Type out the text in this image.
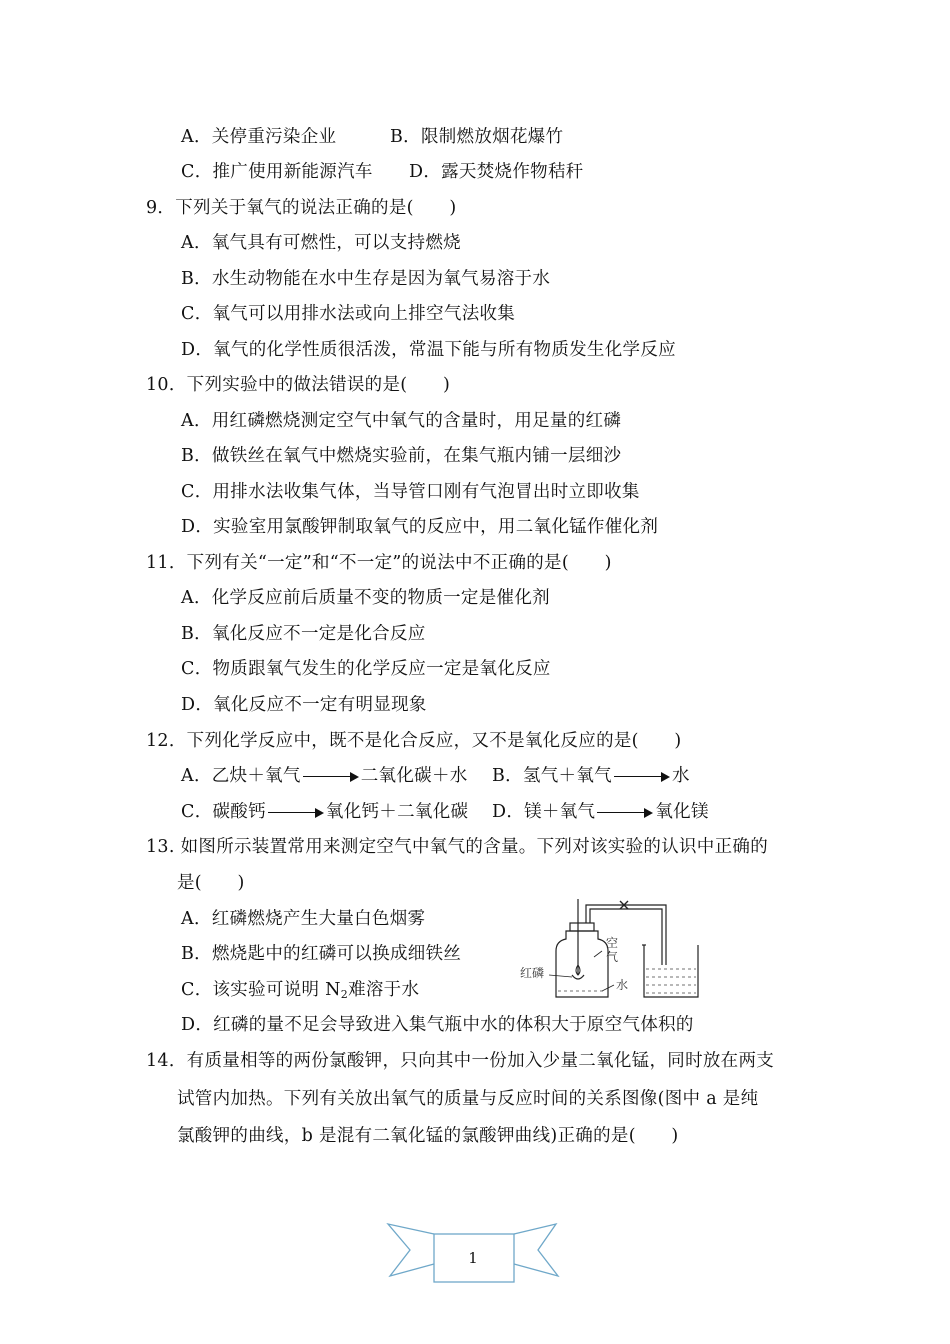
A．关停重污染企业	B．限制燃放烟花爆竹
C．推广使用新能源汽车 D．露天焚烧作物秸秆
9．下列关于氧气的说法正确的是(　　)
A．氧气具有可燃性，可以支持燃烧
B．水生动物能在水中生存是因为氧气易溶于水
C．氧气可以用排水法或向上排空气法收集
D．氧气的化学性质很活泼，常温下能与所有物质发生化学反应
10．下列实验中的做法错误的是(　　)
A．用红磷燃烧测定空气中氧气的含量时，用足量的红磷
B．做铁丝在氧气中燃烧实验前，在集气瓶内铺一层细沙
C．用排水法收集气体，当导管口刚有气泡冒出时立即收集
D．实验室用氯酸钾制取氧气的反应中，用二氧化锰作催化剂
11．下列有关“一定”和“不一定”的说法中不正确的是(　　)
A．化学反应前后质量不变的物质一定是催化剂
B．氧化反应不一定是化合反应
C．物质跟氧气发生的化学反应一定是氧化反应
D．氧化反应不一定有明显现象
12．下列化学反应中，既不是化合反应，又不是氧化反应的是(　　)
A．乙炔＋氧气	二氧化碳＋水 B．氢气＋氧气	水
C．碳酸钙	氧化钙＋二氧化碳 D．镁＋氧气	氧化镁
13. 如图所示装置常用来测定空气中氧气的含量。下列对该实验的认识中正确的
是(　　)
A．红磷燃烧产生大量白色烟雾
B．燃烧匙中的红磷可以换成细铁丝
C．该实验可说明 $N_2$难溶于水
D．红磷的量不足会导致进入集气瓶中水的体积大于原空气体积的
红磷
空
气
水
14．有质量相等的两份氯酸钾，只向其中一份加入少量二氧化锰，同时放在两支
试管内加热。下列有关放出氧气的质量与反应时间的关系图像(图中 a 是纯
氯酸钾的曲线，b 是混有二氧化锰的氯酸钾曲线)正确的是(　　)
1
